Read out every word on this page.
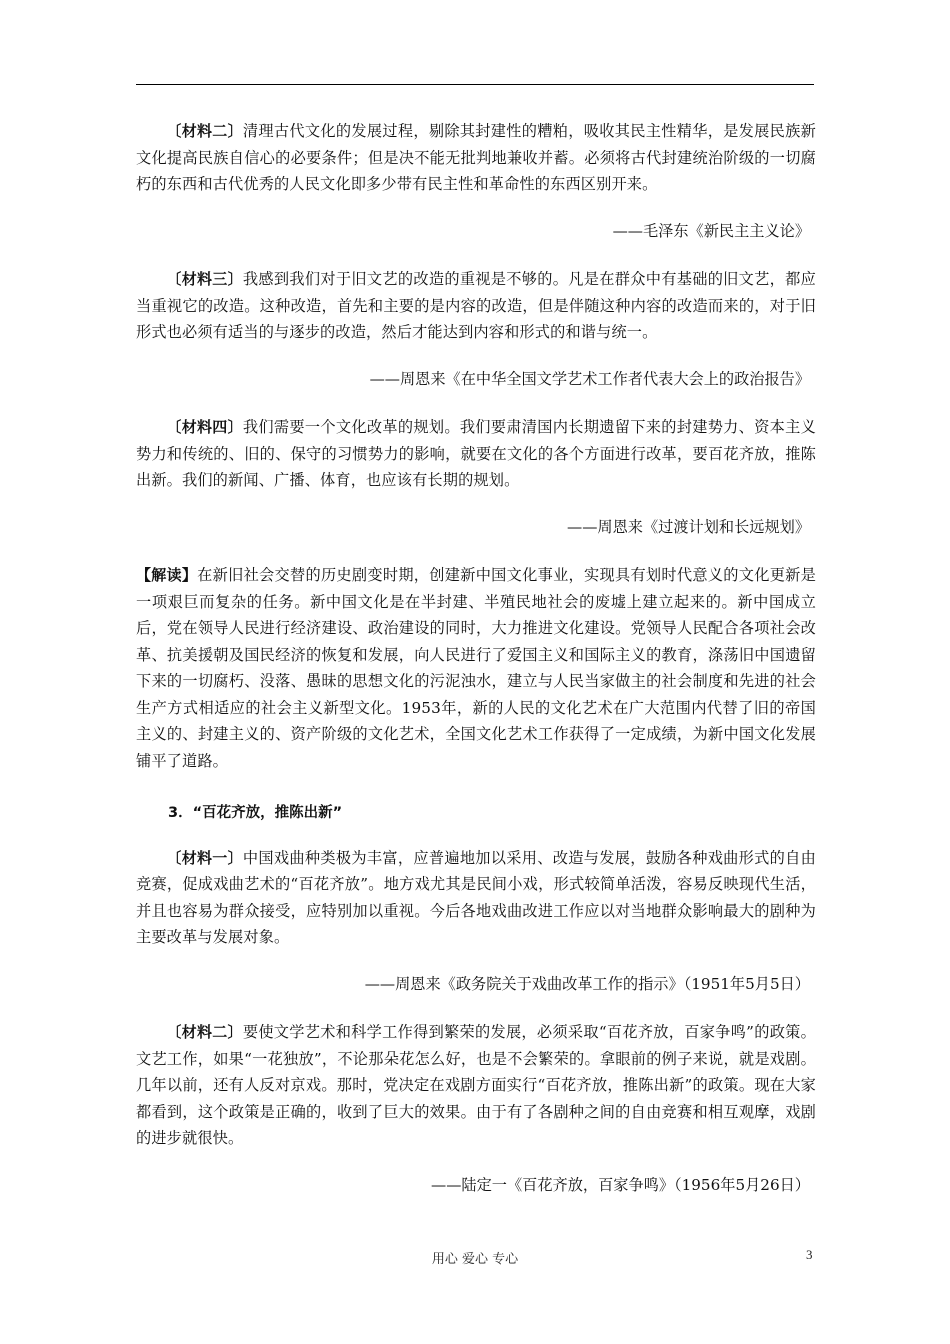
〔材料二〕清理古代文化的发展过程，剔除其封建性的糟粕，吸收其民主性精华，是发展民族新文化提高民族自信心的必要条件；但是决不能无批判地兼收并蓄。必须将古代封建统治阶级的一切腐朽的东西和古代优秀的人民文化即多少带有民主性和革命性的东西区别开来。

——毛泽东《新民主主义论》

〔材料三〕我感到我们对于旧文艺的改造的重视是不够的。凡是在群众中有基础的旧文艺，都应当重视它的改造。这种改造，首先和主要的是内容的改造，但是伴随这种内容的改造而来的，对于旧形式也必须有适当的与逐步的改造，然后才能达到内容和形式的和谐与统一。

——周恩来《在中华全国文学艺术工作者代表大会上的政治报告》

〔材料四〕我们需要一个文化改革的规划。我们要肃清国内长期遗留下来的封建势力、资本主义势力和传统的、旧的、保守的习惯势力的影响，就要在文化的各个方面进行改革，要百花齐放，推陈出新。我们的新闻、广播、体育，也应该有长期的规划。

——周恩来《过渡计划和长远规划》

【解读】在新旧社会交替的历史剧变时期，创建新中国文化事业，实现具有划时代意义的文化更新是一项艰巨而复杂的任务。新中国文化是在半封建、半殖民地社会的废墟上建立起来的。新中国成立后，党在领导人民进行经济建设、政治建设的同时，大力推进文化建设。党领导人民配合各项社会改革、抗美援朝及国民经济的恢复和发展，向人民进行了爱国主义和国际主义的教育，涤荡旧中国遗留下来的一切腐朽、没落、愚昧的思想文化的污泥浊水，建立与人民当家做主的社会制度和先进的社会生产方式相适应的社会主义新型文化。1953年，新的人民的文化艺术在广大范围内代替了旧的帝国主义的、封建主义的、资产阶级的文化艺术，全国文化艺术工作获得了一定成绩，为新中国文化发展铺平了道路。

3．“百花齐放，推陈出新”

〔材料一〕中国戏曲种类极为丰富，应普遍地加以采用、改造与发展，鼓励各种戏曲形式的自由竞赛，促成戏曲艺术的“百花齐放”。地方戏尤其是民间小戏，形式较简单活泼，容易反映现代生活，并且也容易为群众接受，应特别加以重视。今后各地戏曲改进工作应以对当地群众影响最大的剧种为主要改革与发展对象。

——周恩来《政务院关于戏曲改革工作的指示》（1951年5月5日）

〔材料二〕要使文学艺术和科学工作得到繁荣的发展，必须采取“百花齐放，百家争鸣”的政策。文艺工作，如果“一花独放”，不论那朵花怎么好，也是不会繁荣的。拿眼前的例子来说，就是戏剧。几年以前，还有人反对京戏。那时，党决定在戏剧方面实行“百花齐放，推陈出新”的政策。现在大家都看到，这个政策是正确的，收到了巨大的效果。由于有了各剧种之间的自由竞赛和相互观摩，戏剧的进步就很快。

——陆定一《百花齐放，百家争鸣》（1956年5月26日）

用心 爱心 专心	3
